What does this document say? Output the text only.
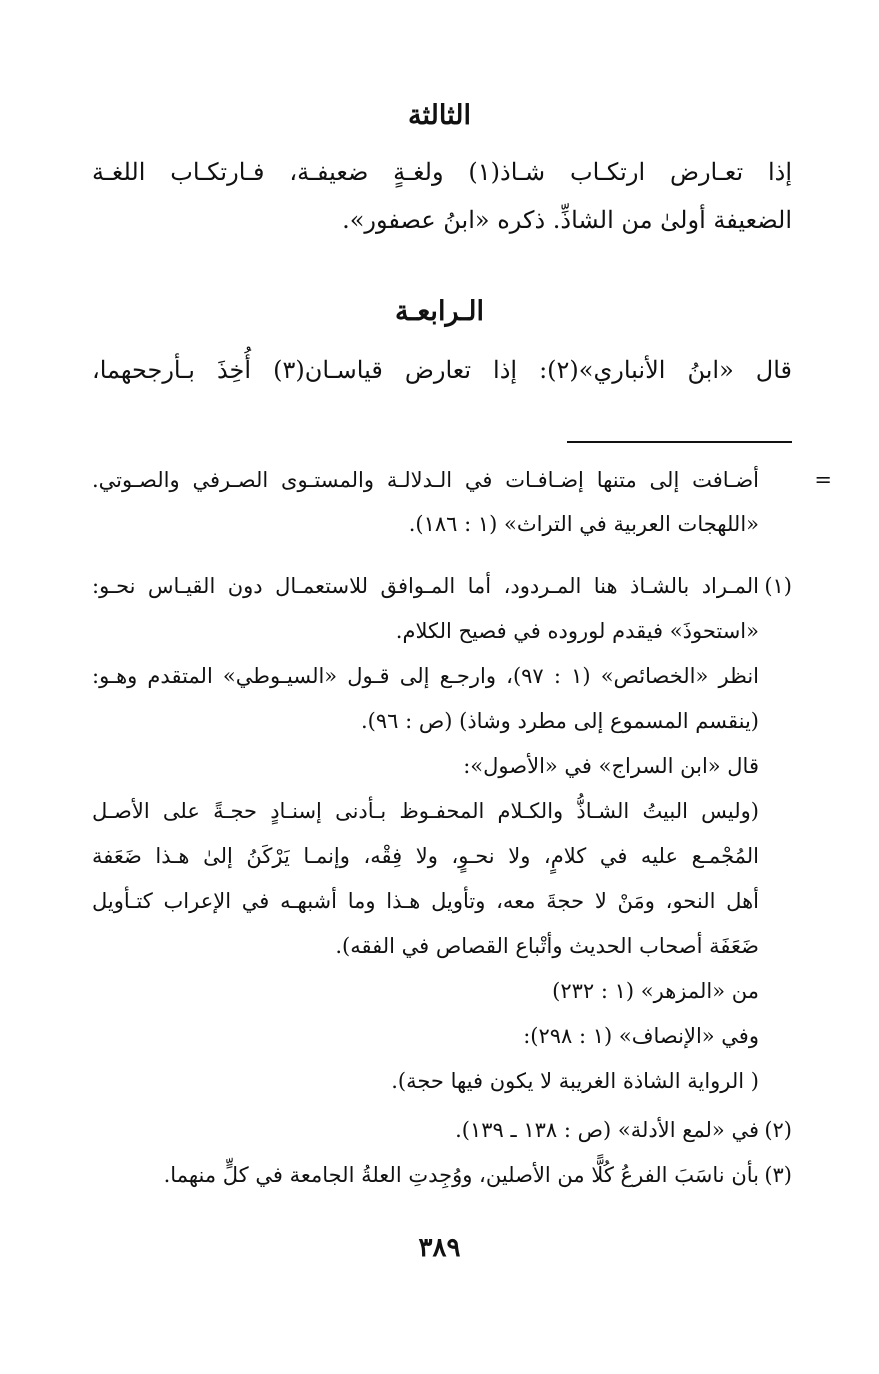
الثالثة
إذا تعـارض ارتكـاب شـاذ(١) ولغـةٍ ضعيفـة، فـارتكـاب اللغـة
الضعيفة أولىٰ من الشاذِّ. ذكره «ابنُ عصفور».
الـرابعـة
قال «ابنُ الأنباري»(٢): إذا تعارض قياسـان(٣) أُخِذَ بـأرجحهما،
=
أضـافت إلى متنها إضـافـات في الـدلالـة والمستـوى الصـرفي والصـوتي.
«اللهجات العربية في التراث» (١ : ١٨٦).
(١)
المـراد بالشـاذ هنا المـردود، أما المـوافق للاستعمـال دون القيـاس نحـو:
«استحوذَ» فيقدم لوروده في فصيح الكلام.
انظر «الخصائص» (١ : ٩٧)، وارجـع إلى قـول «السيـوطي» المتقدم وهـو:
(ينقسم المسموع إلى مطرد وشاذ) (ص : ٩٦).
قال «ابن السراج» في «الأصول»:
(وليس البيتُ الشـاذُّ والكـلام المحفـوظ بـأدنى إسنـادٍ حجـةً على الأصـل
المُجْمـع عليه في كلامٍ، ولا نحـوٍ، ولا فِقْه، وإنمـا يَرْكَنُ إلىٰ هـذا ضَعَفة
أهل النحو، ومَنْ لا حجةَ معه، وتأويل هـذا وما أشبهـه في الإعراب كتـأويل
ضَعَفَة أصحاب الحديث وأتْباع القصاص في الفقه).
من «المزهر» (١ : ٢٣٢)
وفي «الإنصاف» (١ : ٢٩٨):
( الرواية الشاذة الغريبة لا يكون فيها حجة).
(٢)
في «لمع الأدلة» (ص : ١٣٨ ـ ١٣٩).
(٣)
بأن ناسَبَ الفرعُ كُلًّا من الأصلين، ووُجِدتِ العلةُ الجامعة في كلٍّ منهما.
٣٨٩
